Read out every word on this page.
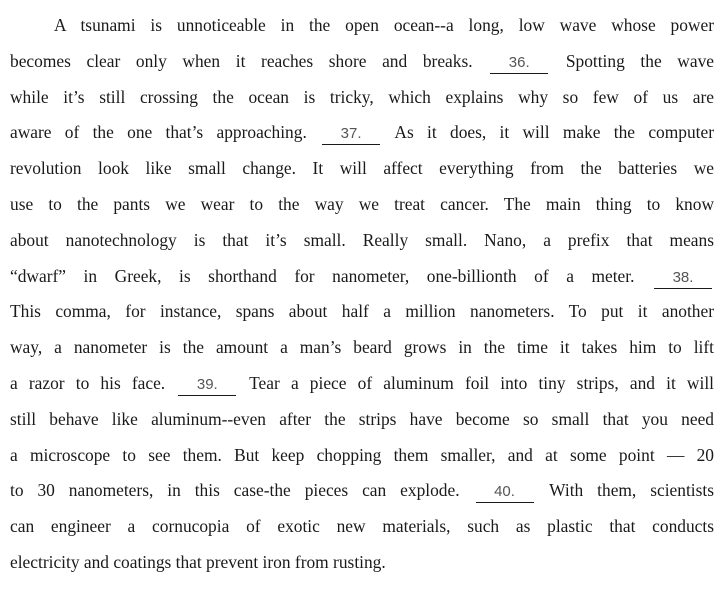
A tsunami is unnoticeable in the open ocean--a long, low wave whose power
becomes clear only when it reaches shore and breaks. 36. Spotting the wave
while it’s still crossing the ocean is tricky, which explains why so few of us are
aware of the one that’s approaching. 37. As it does, it will make the computer
revolution look like small change. It will affect everything from the batteries we
use to the pants we wear to the way we treat cancer. The main thing to know
about nanotechnology is that it’s small. Really small. Nano, a prefix that means
“dwarf” in Greek, is shorthand for nanometer, one-billionth of a meter. 38.
This comma, for instance, spans about half a million nanometers. To put it another
way, a nanometer is the amount a man’s beard grows in the time it takes him to lift
a razor to his face. 39. Tear a piece of aluminum foil into tiny strips, and it will
still behave like aluminum--even after the strips have become so small that you need
a microscope to see them. But keep chopping them smaller, and at some point — 20
to 30 nanometers, in this case-the pieces can explode. 40. With them, scientists
can engineer a cornucopia of exotic new materials, such as plastic that conducts
electricity and coatings that prevent iron from rusting.
